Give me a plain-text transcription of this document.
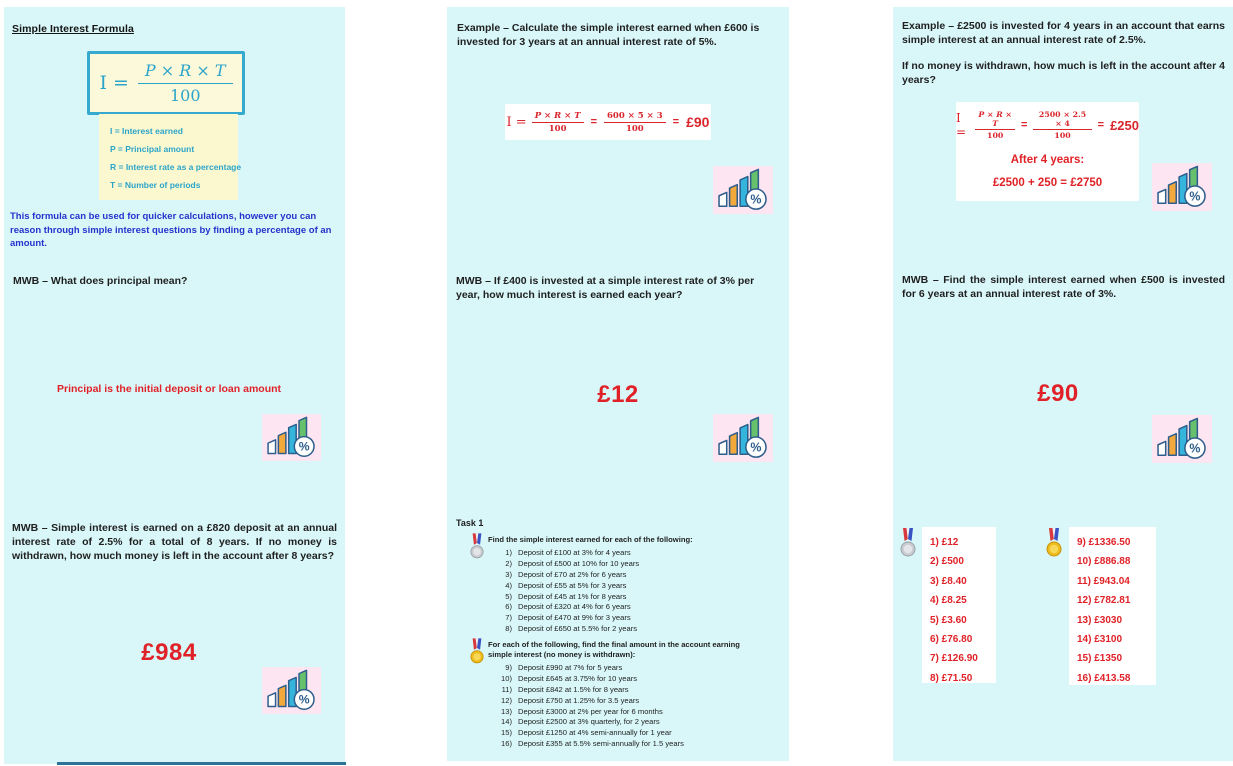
Simple Interest Formula
$I = \frac{P \times R \times T}{100}$
I = Interest earned
P = Principal amount
R = Interest rate as a percentage
T = Number of periods
This formula can be used for quicker calculations, however you can reason through simple interest questions by finding a percentage of an amount.
MWB – What does principal mean?
Principal is the initial deposit or loan amount
%
MWB – Simple interest is earned on a £820 deposit at an annual interest rate of 2.5% for a total of 8 years. If no money is withdrawn, how much money is left in the account after 8 years?
£984
%
Example – Calculate the simple interest earned when £600 is invested for 3 years at an annual interest rate of 5%.
$I = \frac{P \times R \times T}{100} = \frac{600 \times 5 \times 3}{100}$ = £90
%
MWB – If £400 is invested at a simple interest rate of 3% per year, how much interest is earned each year?
£12
%
Task 1
Find the simple interest earned for each of the following:
1) Deposit of £100 at 3% for 4 years
2) Deposit of £500 at 10% for 10 years
3) Deposit of £70 at 2% for 6 years
4) Deposit of £55 at 5% for 3 years
5) Deposit of £45 at 1% for 8 years
6) Deposit of £320 at 4% for 6 years
7) Deposit of £470 at 9% for 3 years
8) Deposit of £650 at 5.5% for 2 years
For each of the following, find the final amount in the account earning simple interest (no money is withdrawn):
9) Deposit £990 at 7% for 5 years
10) Deposit £645 at 3.75% for 10 years
11) Deposit £842 at 1.5% for 8 years
12) Deposit £750 at 1.25% for 3.5 years
13) Deposit £3000 at 2% per year for 6 months
14) Deposit £2500 at 3% quarterly, for 2 years
15) Deposit £1250 at 4% semi-annually for 1 year
16) Deposit £355 at 5.5% semi-annually for 1.5 years
Example – £2500 is invested for 4 years in an account that earns simple interest at an annual interest rate of 2.5%.
If no money is withdrawn, how much is left in the account after 4 years?
I =	$\frac{P \times R \times T}{100} = \frac{2500 \times 2.5 \times 4}{100}$ = £250
After 4 years:
£2500 + 250 = £2750
%
MWB – Find the simple interest earned when £500 is invested for 6 years at an annual interest rate of 3%.
£90
%
1) £12
2) £500
3) £8.40
4) £8.25
5) £3.60
6) £76.80
7) £126.90
8) £71.50
9) £1336.50
10) £886.88
11) £943.04
12) £782.81
13) £3030
14) £3100
15) £1350
16) £413.58
